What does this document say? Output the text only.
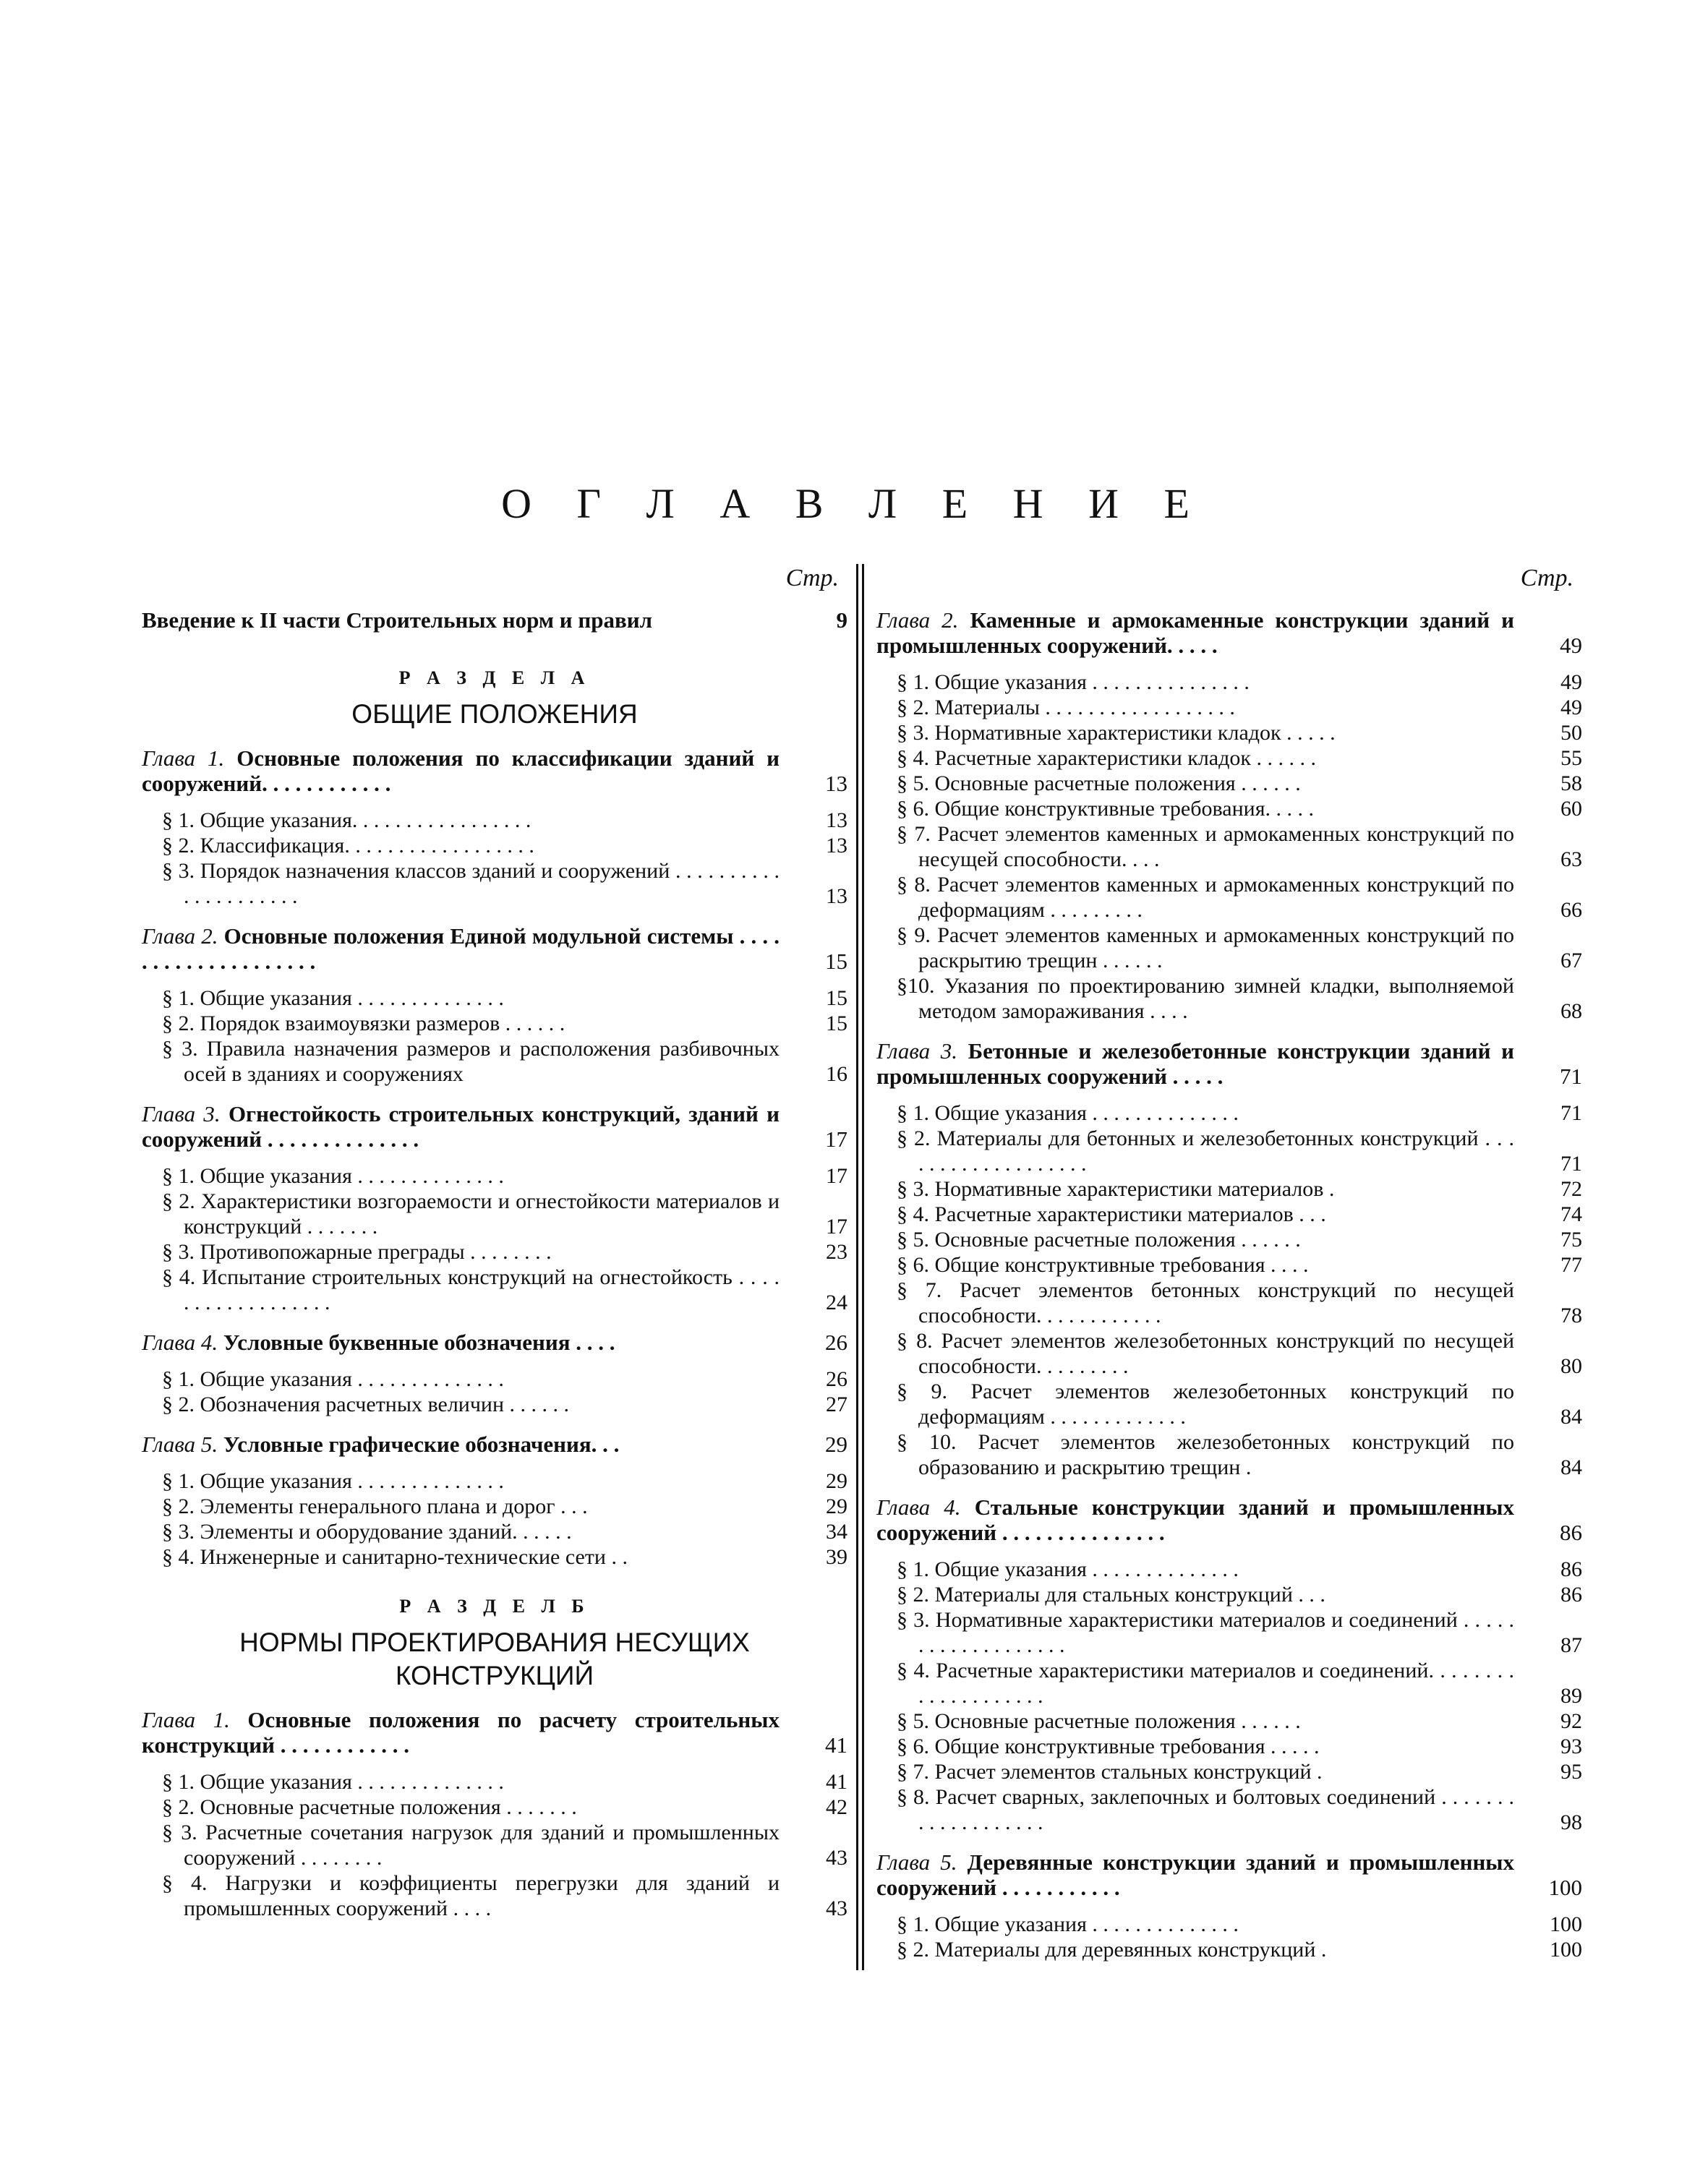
О Г Л А В Л Е Н И Е
Стр.
Введение к II части Строительных норм и правил	9
Р А З Д Е Л А
ОБЩИЕ ПОЛОЖЕНИЯ
Глава 1. Основные положения по классификации зданий и сооружений. . . . . . . . . . . .	13
§ 1. Общие указания. . . . . . . . . . . . . . . . .	13
§ 2. Классификация. . . . . . . . . . . . . . . . . .	13
§ 3. Порядок назначения классов зданий и сооружений . . . . . . . . . . . . . . . . . . . . .	13
Глава 2. Основные положения Единой модульной системы . . . . . . . . . . . . . . . . . . . .	15
§ 1. Общие указания . . . . . . . . . . . . . .	15
§ 2. Порядок взаимоувязки размеров . . . . . .	15
§ 3. Правила назначения размеров и расположения разбивочных осей в зданиях и сооружениях	16
Глава 3. Огнестойкость строительных конструкций, зданий и сооружений . . . . . . . . . . . . . .	17
§ 1. Общие указания . . . . . . . . . . . . . .	17
§ 2. Характеристики возгораемости и огнестойкости материалов и конструкций . . . . . . .	17
§ 3. Противопожарные преграды . . . . . . . .	23
§ 4. Испытание строительных конструкций на огнестойкость . . . . . . . . . . . . . . . . . .	24
Глава 4. Условные буквенные обозначения . . . .	26
§ 1. Общие указания . . . . . . . . . . . . . .	26
§ 2. Обозначения расчетных величин . . . . . .	27
Глава 5. Условные графические обозначения. . .	29
§ 1. Общие указания . . . . . . . . . . . . . .	29
§ 2. Элементы генерального плана и дорог . . .	29
§ 3. Элементы и оборудование зданий. . . . . .	34
§ 4. Инженерные и санитарно-технические сети . .	39
Р А З Д Е Л Б
НОРМЫ ПРОЕКТИРОВАНИЯ НЕСУЩИХ КОНСТРУКЦИЙ
Глава 1. Основные положения по расчету строительных конструкций . . . . . . . . . . . .	41
§ 1. Общие указания . . . . . . . . . . . . . .	41
§ 2. Основные расчетные положения . . . . . . .	42
§ 3. Расчетные сочетания нагрузок для зданий и промышленных сооружений . . . . . . . .	43
§ 4. Нагрузки и коэффициенты перегрузки для зданий и промышленных сооружений . . . .	43
Стр.
Глава 2. Каменные и армокаменные конструкции зданий и промышленных сооружений. . . . .	49
§ 1. Общие указания . . . . . . . . . . . . . . .	49
§ 2. Материалы . . . . . . . . . . . . . . . . . .	49
§ 3. Нормативные характеристики кладок . . . . .	50
§ 4. Расчетные характеристики кладок . . . . . .	55
§ 5. Основные расчетные положения . . . . . .	58
§ 6. Общие конструктивные требования. . . . .	60
§ 7. Расчет элементов каменных и армокаменных конструкций по несущей способности. . . .	63
§ 8. Расчет элементов каменных и армокаменных конструкций по деформациям . . . . . . . . .	66
§ 9. Расчет элементов каменных и армокаменных конструкций по раскрытию трещин . . . . . .	67
§10. Указания по проектированию зимней кладки, выполняемой методом замораживания . . . .	68
Глава 3. Бетонные и железобетонные конструкции зданий и промышленных сооружений . . . . .	71
§ 1. Общие указания . . . . . . . . . . . . . .	71
§ 2. Материалы для бетонных и железобетонных конструкций . . . . . . . . . . . . . . . . . . .	71
§ 3. Нормативные характеристики материалов .	72
§ 4. Расчетные характеристики материалов . . .	74
§ 5. Основные расчетные положения . . . . . .	75
§ 6. Общие конструктивные требования . . . .	77
§ 7. Расчет элементов бетонных конструкций по несущей способности. . . . . . . . . . . .	78
§ 8. Расчет элементов железобетонных конструкций по несущей способности. . . . . . . . .	80
§ 9. Расчет элементов железобетонных конструкций по деформациям . . . . . . . . . . . . .	84
§ 10. Расчет элементов железобетонных конструкций по образованию и раскрытию трещин .	84
Глава 4. Стальные конструкции зданий и промышленных сооружений . . . . . . . . . . . . . . .	86
§ 1. Общие указания . . . . . . . . . . . . . .	86
§ 2. Материалы для стальных конструкций . . .	86
§ 3. Нормативные характеристики материалов и соединений . . . . . . . . . . . . . . . . . . .	87
§ 4. Расчетные характеристики материалов и соединений. . . . . . . . . . . . . . . . . . . .	89
§ 5. Основные расчетные положения . . . . . .	92
§ 6. Общие конструктивные требования . . . . .	93
§ 7. Расчет элементов стальных конструкций .	95
§ 8. Расчет сварных, заклепочных и болтовых соединений . . . . . . . . . . . . . . . . . . .	98
Глава 5. Деревянные конструкции зданий и промышленных сооружений . . . . . . . . . . .	100
§ 1. Общие указания . . . . . . . . . . . . . .	100
§ 2. Материалы для деревянных конструкций .	100
